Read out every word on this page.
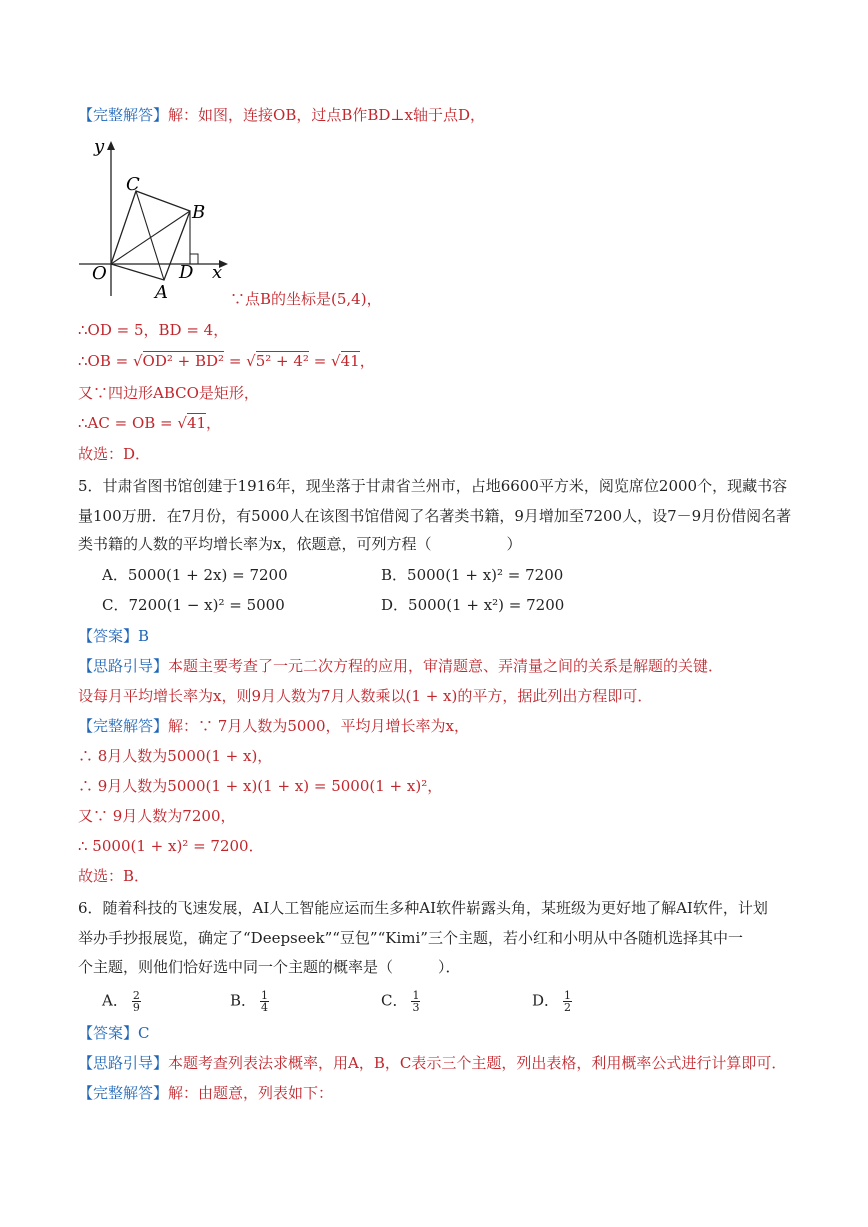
【完整解答】解：如图，连接OB，过点B作BD⊥x轴于点D，
y
x
O
A
B
C
D
∵点B的坐标是(5,4)，
∴OD = 5，BD = 4，
∴OB = √OD² + BD² = √5² + 4² = √41，
又∵四边形ABCO是矩形，
∴AC = OB = √41，
故选：D．
5．甘肃省图书馆创建于1916年，现坐落于甘肃省兰州市，占地6600平方米，阅览席位2000个，现藏书容
量100万册．在7月份，有5000人在该图书馆借阅了名著类书籍，9月增加至7200人，设7－9月份借阅名著
类书籍的人数的平均增长率为x，依题意，可列方程（　　　　　）
A．5000(1 + 2x) = 7200	B．5000(1 + x)² = 7200
C．7200(1 − x)² = 5000	D．5000(1 + x²) = 7200
【答案】B
【思路引导】本题主要考查了一元二次方程的应用，审清题意、弄清量之间的关系是解题的关键．
设每月平均增长率为x，则9月人数为7月人数乘以(1 + x)的平方，据此列出方程即可．
【完整解答】解：∵ 7月人数为5000，平均月增长率为x，
∴ 8月人数为5000(1 + x)，
∴ 9月人数为5000(1 + x)(1 + x) = 5000(1 + x)²，
又∵ 9月人数为7200，
∴ 5000(1 + x)² = 7200．
故选：B．
6．随着科技的飞速发展，AI人工智能应运而生多种AI软件崭露头角，某班级为更好地了解AI软件，计划
举办手抄报展览，确定了“Deepseek”“豆包”“Kimi”三个主题，若小红和小明从中各随机选择其中一
个主题，则他们恰好选中同一个主题的概率是（　　　）．
A． $\frac{2}{9}$	B． $\frac{1}{4}$	C． $\frac{1}{3}$	D． $\frac{1}{2}$
【答案】C
【思路引导】本题考查列表法求概率，用A，B，C表示三个主题，列出表格，利用概率公式进行计算即可．
【完整解答】解：由题意，列表如下：
